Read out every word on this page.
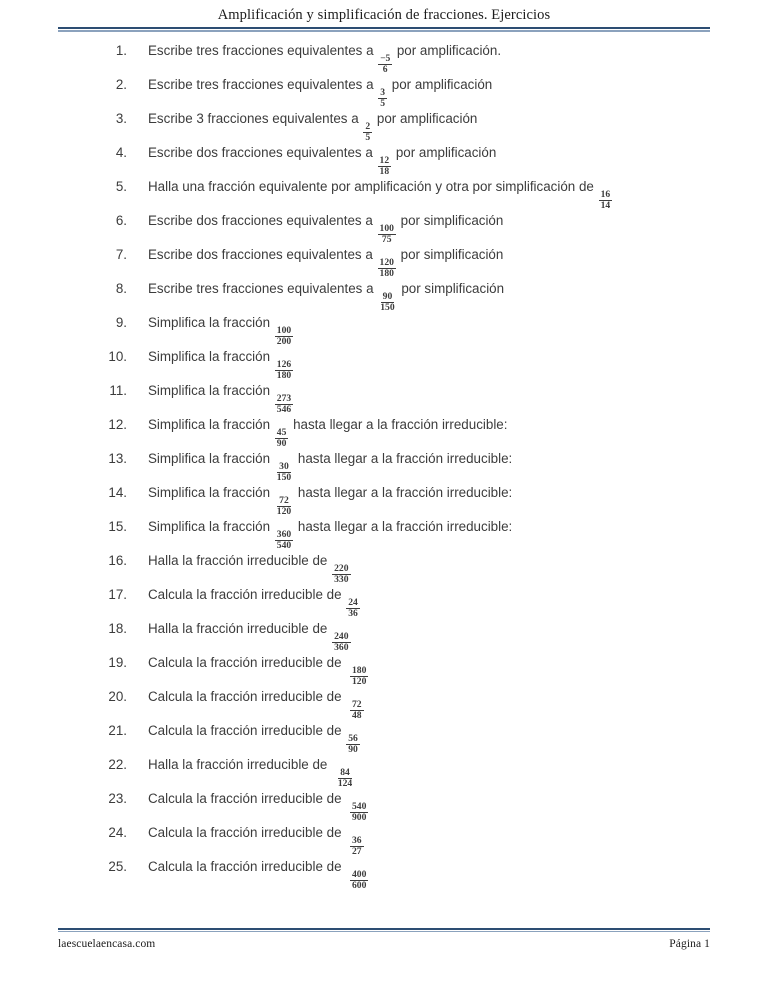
Amplificación y simplificación de fracciones. Ejercicios
1. Escribe tres fracciones equivalentes a
$\frac{-5}{6}$
por amplificación.
2. Escribe tres fracciones equivalentes a
$\frac{3}{5}$
por amplificación
3. Escribe 3 fracciones equivalentes a
$\frac{2}{5}$
por amplificación
4. Escribe dos fracciones equivalentes a
$\frac{12}{18}$
por amplificación
5. Halla una fracción equivalente por amplificación y otra por simplificación de
$\frac{16}{14}$
6. Escribe dos fracciones equivalentes a
$\frac{100}{75}$
por simplificación
7. Escribe dos fracciones equivalentes a
$\frac{120}{180}$
por simplificación
8. Escribe tres fracciones equivalentes a
$\frac{90}{150}$
por simplificación
9. Simplifica la fracción
$\frac{100}{200}$
10. Simplifica la fracción
$\frac{126}{180}$
11. Simplifica la fracción
$\frac{273}{546}$
12. Simplifica la fracción
$\frac{45}{90}$
hasta llegar a la fracción irreducible:
13. Simplifica la fracción
$\frac{30}{150}$
hasta llegar a la fracción irreducible:
14. Simplifica la fracción
$\frac{72}{120}$
hasta llegar a la fracción irreducible:
15. Simplifica la fracción
$\frac{360}{540}$
hasta llegar a la fracción irreducible:
16. Halla la fracción irreducible de
$\frac{220}{330}$
17. Calcula la fracción irreducible de
$\frac{24}{36}$
18. Halla la fracción irreducible de
$\frac{240}{360}$
19. Calcula la fracción irreducible de
$\frac{180}{120}$
20. Calcula la fracción irreducible de
$\frac{72}{48}$
21. Calcula la fracción irreducible de
$\frac{56}{90}$
22. Halla la fracción irreducible de
$\frac{84}{124}$
23. Calcula la fracción irreducible de
$\frac{540}{900}$
24. Calcula la fracción irreducible de
$\frac{36}{27}$
25. Calcula la fracción irreducible de
$\frac{400}{600}$
laescuelaencasa.com	Página 1
